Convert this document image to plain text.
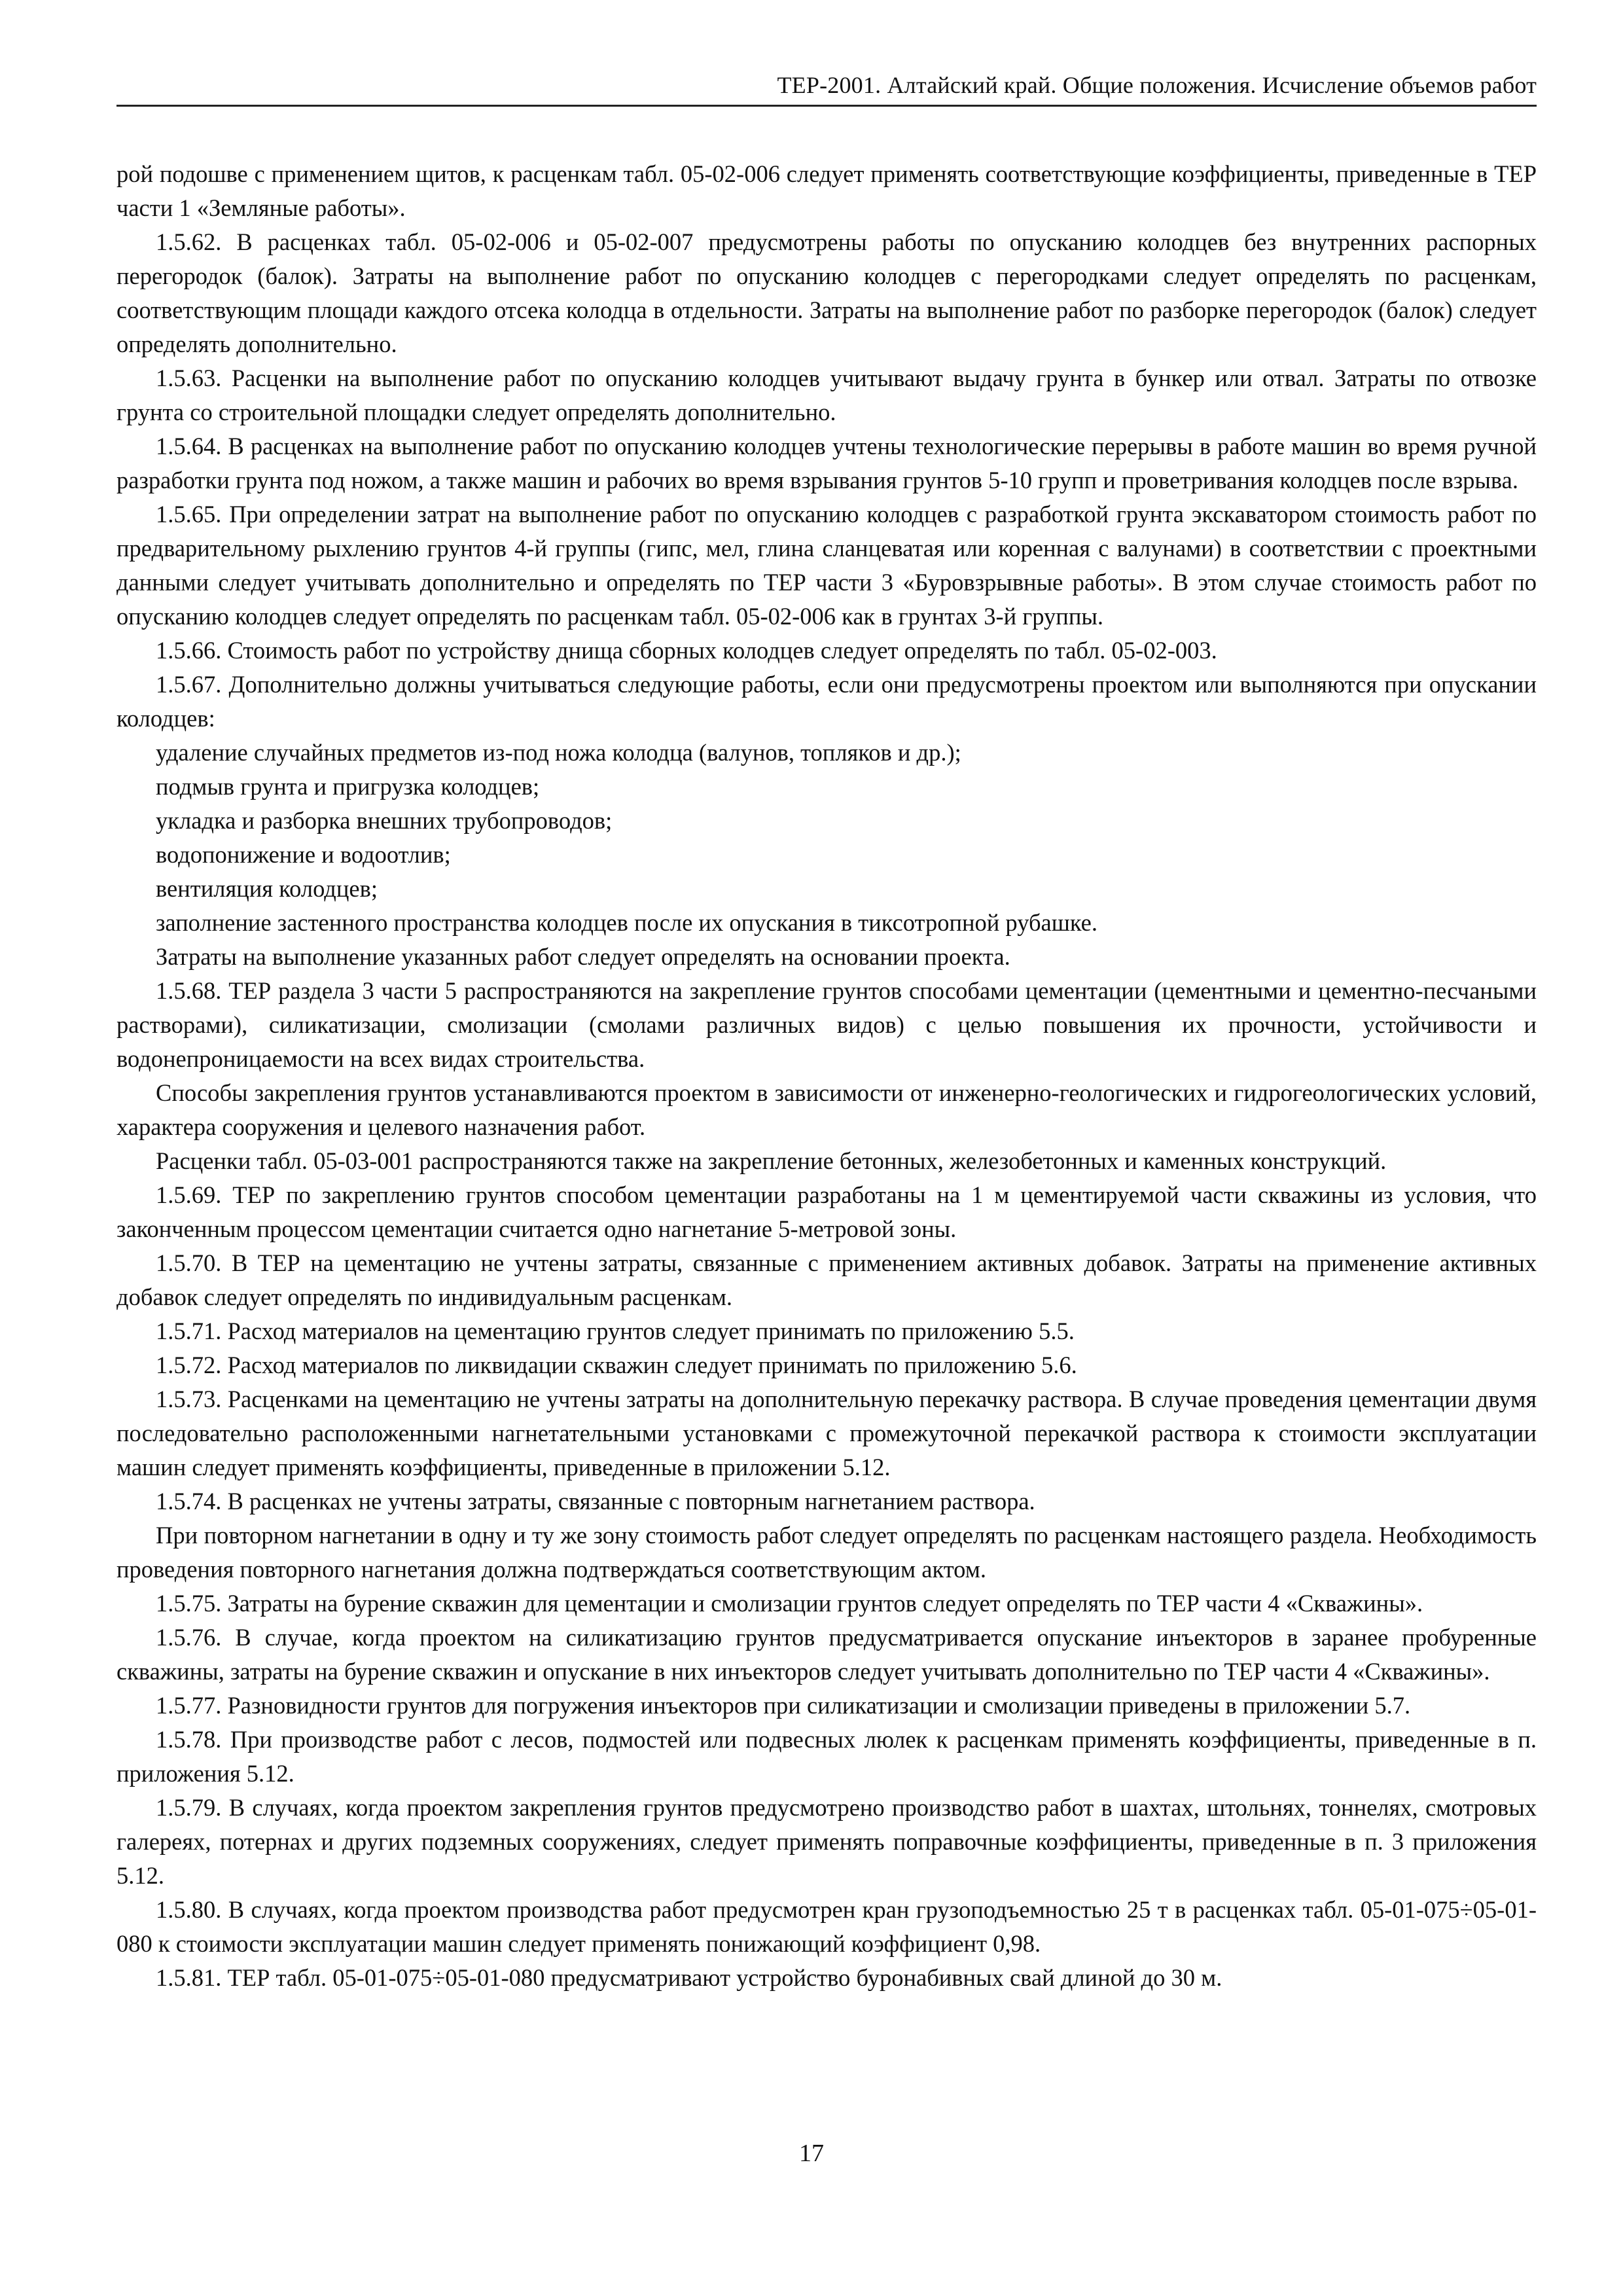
ТЕР-2001. Алтайский край. Общие положения. Исчисление объемов работ

рой подошве с применением щитов, к расценкам табл. 05-02-006 следует применять соответствующие коэффициенты, приведенные в ТЕР части 1 «Земляные работы».

1.5.62. В расценках табл. 05-02-006 и 05-02-007 предусмотрены работы по опусканию колодцев без внутренних распорных перегородок (балок). Затраты на выполнение работ по опусканию колодцев с перегородками следует определять по расценкам, соответствующим площади каждого отсека колодца в отдельности. Затраты на выполнение работ по разборке перегородок (балок) следует определять дополнительно.

1.5.63. Расценки на выполнение работ по опусканию колодцев учитывают выдачу грунта в бункер или отвал. Затраты по отвозке грунта со строительной площадки следует определять дополнительно.

1.5.64. В расценках на выполнение работ по опусканию колодцев учтены технологические перерывы в работе машин во время ручной разработки грунта под ножом, а также машин и рабочих во время взрывания грунтов 5-10 групп и проветривания колодцев после взрыва.

1.5.65. При определении затрат на выполнение работ по опусканию колодцев с разработкой грунта экскаватором стоимость работ по предварительному рыхлению грунтов 4-й группы (гипс, мел, глина сланцеватая или коренная с валунами) в соответствии с проектными данными следует учитывать дополнительно и определять по ТЕР части 3 «Буровзрывные работы». В этом случае стоимость работ по опусканию колодцев следует определять по расценкам табл. 05-02-006 как в грунтах 3-й группы.

1.5.66. Стоимость работ по устройству днища сборных колодцев следует определять по табл. 05-02-003.

1.5.67. Дополнительно должны учитываться следующие работы, если они предусмотрены проектом или выполняются при опускании колодцев:

удаление случайных предметов из-под ножа колодца (валунов, топляков и др.);

подмыв грунта и пригрузка колодцев;

укладка и разборка внешних трубопроводов;

водопонижение и водоотлив;

вентиляция колодцев;

заполнение застенного пространства колодцев после их опускания в тиксотропной рубашке.

Затраты на выполнение указанных работ следует определять на основании проекта.

1.5.68. ТЕР раздела 3 части 5 распространяются на закрепление грунтов способами цементации (цементными и цементно-песчаными растворами), силикатизации, смолизации (смолами различных видов) с целью повышения их прочности, устойчивости и водонепроницаемости на всех видах строительства.

Способы закрепления грунтов устанавливаются проектом в зависимости от инженерно-геологических и гидрогеологических условий, характера сооружения и целевого назначения работ.

Расценки табл. 05-03-001 распространяются также на закрепление бетонных, железобетонных и каменных конструкций.

1.5.69. ТЕР по закреплению грунтов способом цементации разработаны на 1 м цементируемой части скважины из условия, что законченным процессом цементации считается одно нагнетание 5-метровой зоны.

1.5.70. В ТЕР на цементацию не учтены затраты, связанные с применением активных добавок. Затраты на применение активных добавок следует определять по индивидуальным расценкам.

1.5.71. Расход материалов на цементацию грунтов следует принимать по приложению 5.5.

1.5.72. Расход материалов по ликвидации скважин следует принимать по приложению 5.6.

1.5.73. Расценками на цементацию не учтены затраты на дополнительную перекачку раствора. В случае проведения цементации двумя последовательно расположенными нагнетательными установками с промежуточной перекачкой раствора к стоимости эксплуатации машин следует применять коэффициенты, приведенные в приложении 5.12.

1.5.74. В расценках не учтены затраты, связанные с повторным нагнетанием раствора.

При повторном нагнетании в одну и ту же зону стоимость работ следует определять по расценкам настоящего раздела. Необходимость проведения повторного нагнетания должна подтверждаться соответствующим актом.

1.5.75. Затраты на бурение скважин для цементации и смолизации грунтов следует определять по ТЕР части 4 «Скважины».

1.5.76. В случае, когда проектом на силикатизацию грунтов предусматривается опускание инъекторов в заранее пробуренные скважины, затраты на бурение скважин и опускание в них инъекторов следует учитывать дополнительно по ТЕР части 4 «Скважины».

1.5.77. Разновидности грунтов для погружения инъекторов при силикатизации и смолизации приведены в приложении 5.7.

1.5.78. При производстве работ с лесов, подмостей или подвесных люлек к расценкам применять коэффициенты, приведенные в п. приложения 5.12.

1.5.79. В случаях, когда проектом закрепления грунтов предусмотрено производство работ в шахтах, штольнях, тоннелях, смотровых галереях, потернах и других подземных сооружениях, следует применять поправочные коэффициенты, приведенные в п. 3 приложения 5.12.

1.5.80. В случаях, когда проектом производства работ предусмотрен кран грузоподъемностью 25 т в расценках табл. 05-01-075÷05-01-080 к стоимости эксплуатации машин следует применять понижающий коэффициент 0,98.

1.5.81. ТЕР табл. 05-01-075÷05-01-080 предусматривают устройство буронабивных свай длиной до 30 м.

17
